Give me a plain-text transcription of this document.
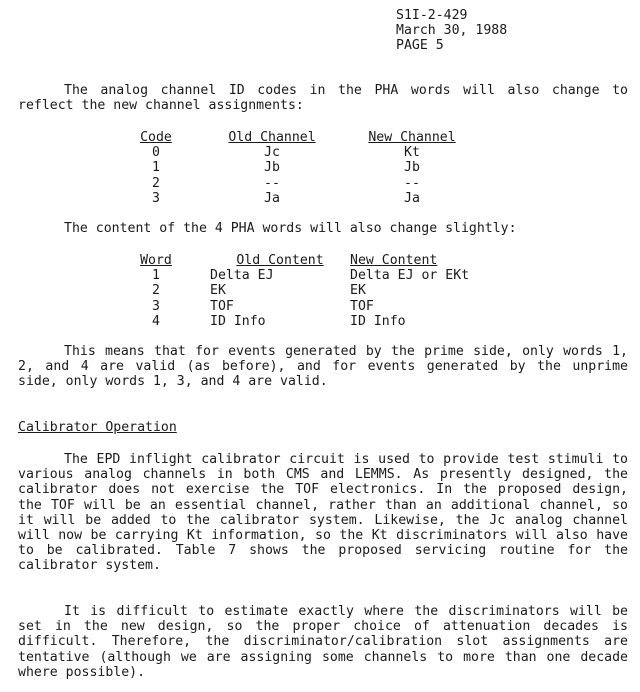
S1I-2-429
March 30, 1988
PAGE 5

The analog channel ID codes in the PHA words will also change to reflect the new channel assignments:

Code	Old Channel	New Channel
0	Jc	Kt
1	Jb	Jb
2	--	--
3	Ja	Ja

The content of the 4 PHA words will also change slightly:

Word	Old Content	New Content
1	Delta EJ	Delta EJ or EKt
2	EK	EK
3	TOF	TOF
4	ID Info	ID Info

This means that for events generated by the prime side, only words 1, 2, and 4 are valid (as before), and for events generated by the unprime side, only words 1, 3, and 4 are valid.

Calibrator Operation

The EPD inflight calibrator circuit is used to provide test stimuli to various analog channels in both CMS and LEMMS. As presently designed, the calibrator does not exercise the TOF electronics. In the proposed design, the TOF will be an essential channel, rather than an additional channel, so it will be added to the calibrator system. Likewise, the Jc analog channel will now be carrying Kt information, so the Kt discriminators will also have to be calibrated. Table 7 shows the proposed servicing routine for the calibrator system.

It is difficult to estimate exactly where the discriminators will be set in the new design, so the proper choice of attenuation decades is difficult. Therefore, the discriminator/calibration slot assignments are tentative (although we are assigning some channels to more than one decade where possible).
